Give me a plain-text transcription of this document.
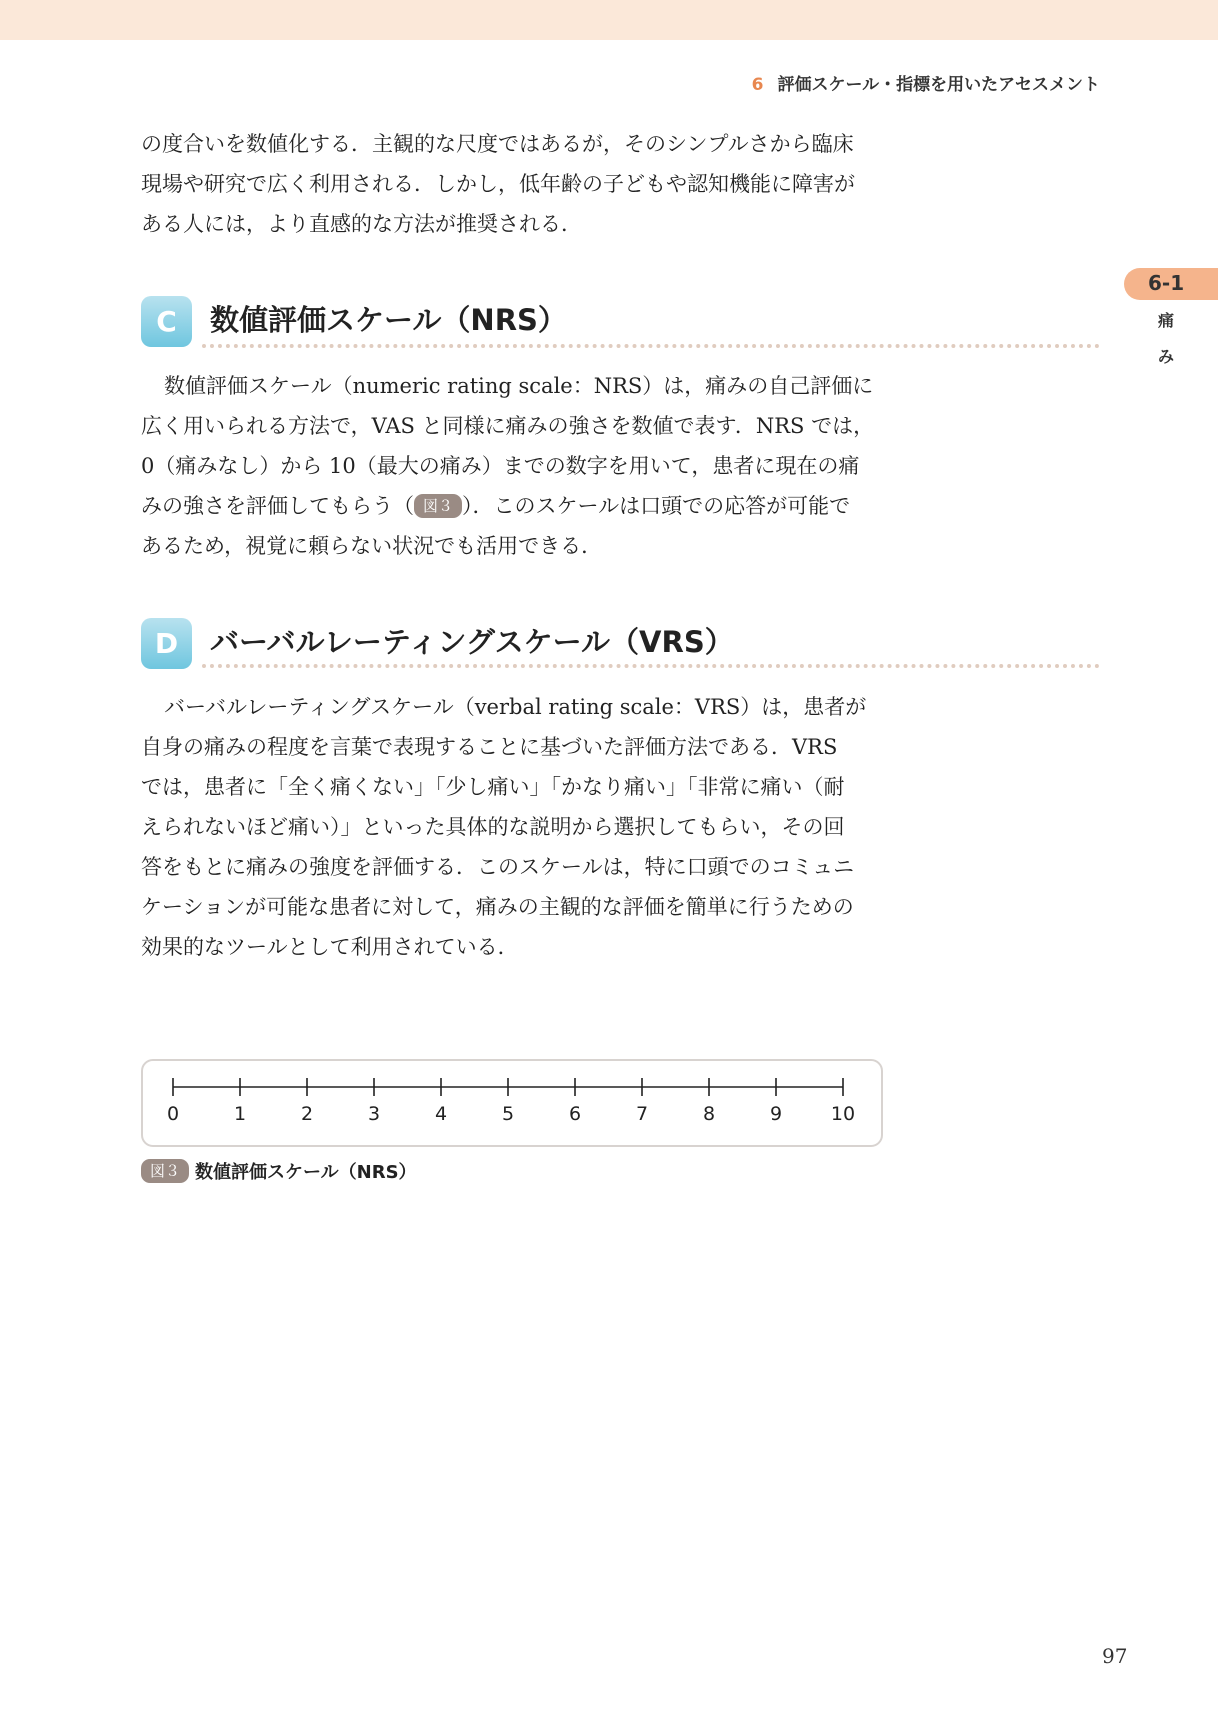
6 評価スケール・指標を用いたアセスメント
6-1
痛
み

の度合いを数値化する．主観的な尺度ではあるが，そのシンプルさから臨床
現場や研究で広く利用される．しかし，低年齢の子どもや認知機能に障害が
ある人には，より直感的な方法が推奨される．

C	数値評価スケール（NRS）

数値評価スケール（numeric rating scale：NRS）は，痛みの自己評価に
広く用いられる方法で，VAS と同様に痛みの強さを数値で表す．NRS では，
0（痛みなし）から 10（最大の痛み）までの数字を用いて，患者に現在の痛
みの強さを評価してもらう（ 図３ ）．このスケールは口頭での応答が可能で
あるため，視覚に頼らない状況でも活用できる．

D	バーバルレーティングスケール（VRS）

バーバルレーティングスケール（verbal rating scale：VRS）は，患者が
自身の痛みの程度を言葉で表現することに基づいた評価方法である．VRS
では，患者に「全く痛くない」「少し痛い」「かなり痛い」「非常に痛い（耐
えられないほど痛い）」といった具体的な説明から選択してもらい，その回
答をもとに痛みの強度を評価する．このスケールは，特に口頭でのコミュニ
ケーションが可能な患者に対して，痛みの主観的な評価を簡単に行うための
効果的なツールとして利用されている．

0	1	2	3	4	5	6	7	8	9	10
図３ 数値評価スケール（NRS）
97
